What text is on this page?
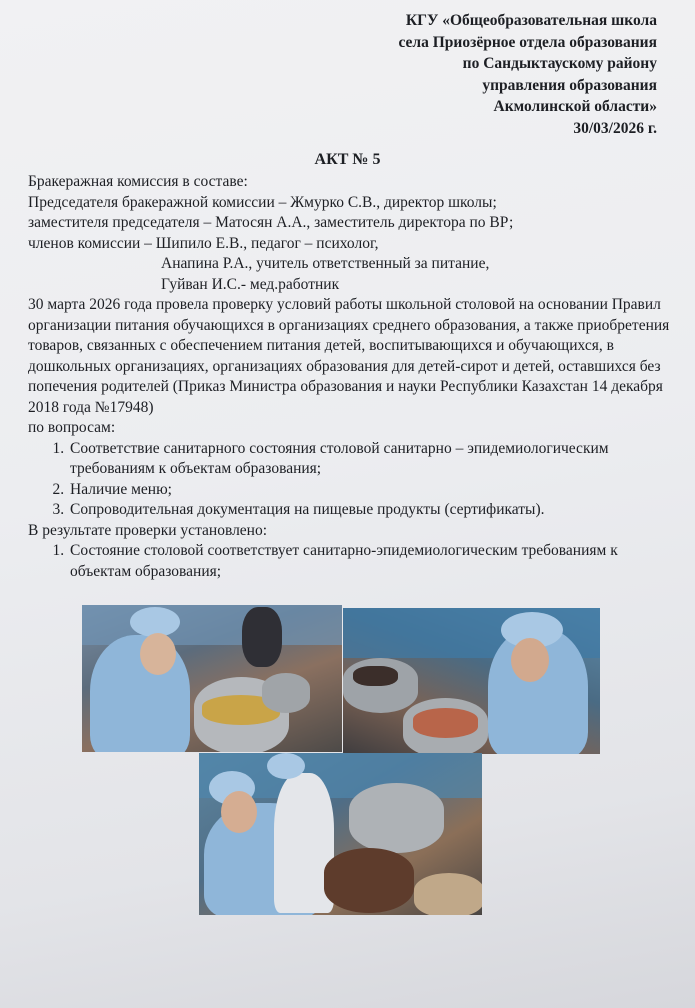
КГУ «Общеобразовательная школа
села Приозёрное отдела образования
по Сандыктаускому району
управления образования
Акмолинской области»
30/03/2026 г.
АКТ № 5

Бракеражная комиссия в составе:

Председателя бракеражной комиссии – Жмурко С.В., директор школы;

заместителя председателя – Матосян А.А., заместитель директора по ВР;

членов комиссии – Шипило Е.В., педагог – психолог,

Анапина Р.А., учитель ответственный за питание,

Гуйван И.С.- мед.работник

30 марта 2026 года провела проверку условий работы школьной столовой на основании Правил организации питания обучающихся в организациях среднего образования, а также приобретения товаров, связанных с обеспечением питания детей, воспитывающихся и обучающихся, в дошкольных организациях, организациях образования для детей-сирот и детей, оставшихся без попечения родителей (Приказ Министра образования и науки Республики Казахстан 14 декабря 2018 года №17948)

по вопросам:

1. Соответствие санитарного состояния столовой санитарно – эпидемиологическим требованиям к объектам образования;
2. Наличие меню;
3. Сопроводительная документация на пищевые продукты (сертификаты).

В результате проверки установлено:

1. Состояние столовой соответствует санитарно-эпидемиологическим требованиям к объектам образования;
